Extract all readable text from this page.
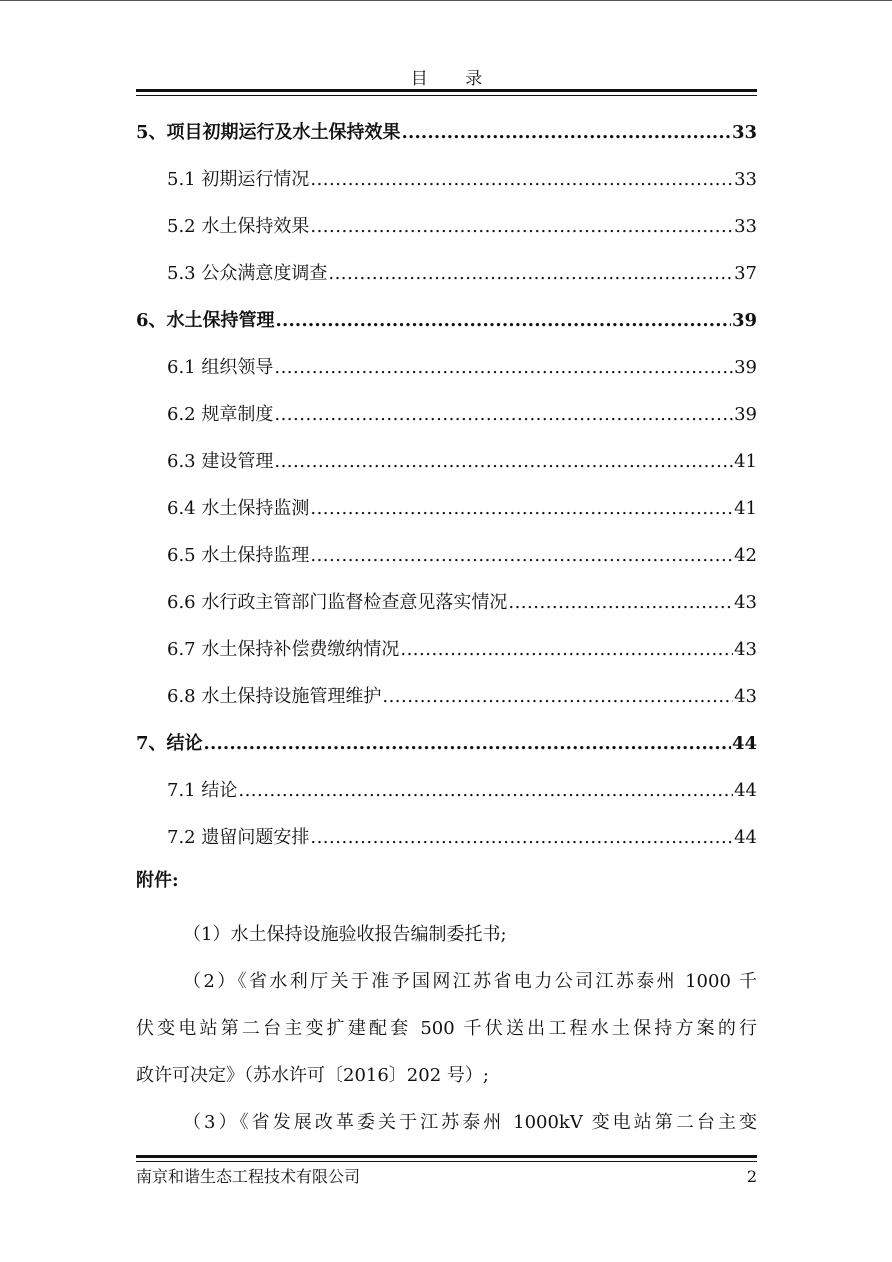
目 录
5、项目初期运行及水土保持效果 .....	33
5.1 初期运行情况 .....	33
5.2 水土保持效果 .....	33
5.3 公众满意度调查 .....	37
6、水土保持管理 .....	39
6.1 组织领导 .....	39
6.2 规章制度 .....	39
6.3 建设管理 .....	41
6.4 水土保持监测 .....	41
6.5 水土保持监理 .....	42
6.6 水行政主管部门监督检查意见落实情况 .....	43
6.7 水土保持补偿费缴纳情况 .....	43
6.8 水土保持设施管理维护 .....	43
7、结论 .....	44
7.1 结论 .....	44
7.2 遗留问题安排 .....	44
附件:

（1）水土保持设施验收报告编制委托书;

（2）《省水利厅关于准予国网江苏省电力公司江苏泰州 1000 千

伏变电站第二台主变扩建配套 500 千伏送出工程水土保持方案的行

政许可决定》（苏水许可〔2016〕202 号）;

（3）《省发展改革委关于江苏泰州 1000kV 变电站第二台主变

南京和谐生态工程技术有限公司	2
